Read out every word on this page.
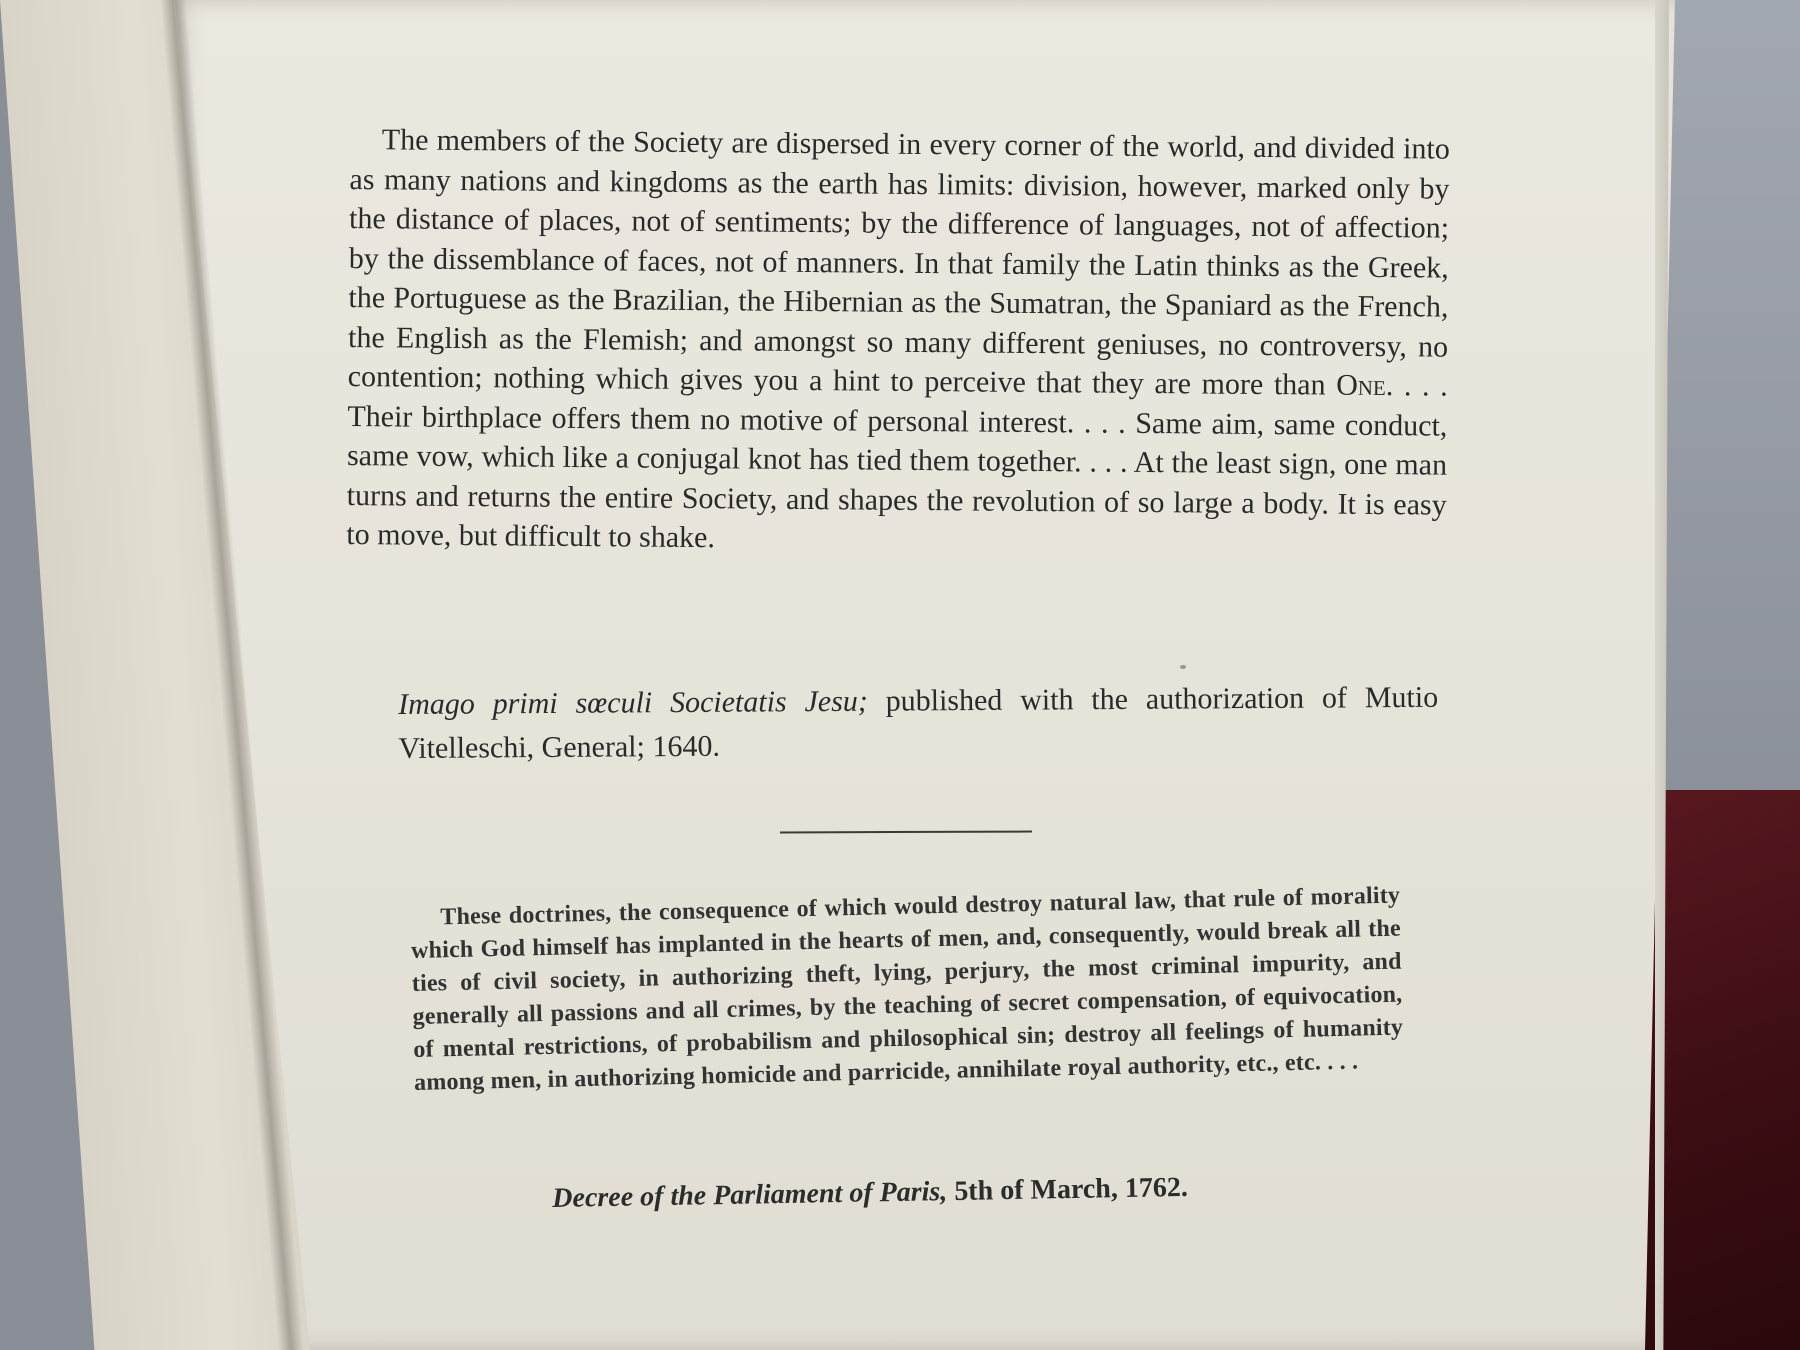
The members of the Society are dispersed in every corner of the world, and divided into as many nations and kingdoms as the earth has limits: division, however, marked only by the distance of places, not of sentiments; by the difference of languages, not of affection; by the dissemblance of faces, not of manners. In that family the Latin thinks as the Greek, the Portuguese as the Brazilian, the Hibernian as the Sumatran, the Spaniard as the French, the English as the Flemish; and amongst so many different geniuses, no controversy, no contention; nothing which gives you a hint to perceive that they are more than One. . . . Their birthplace offers them no motive of personal interest. . . . Same aim, same conduct, same vow, which like a conjugal knot has tied them together. . . . At the least sign, one man turns and returns the entire Society, and shapes the revolution of so large a body. It is easy to move, but difficult to shake.
Imago primi sœculi Societatis Jesu; published with the authorization of Mutio Vitelleschi, General; 1640.
These doctrines, the consequence of which would destroy natural law, that rule of morality which God himself has implanted in the hearts of men, and, consequently, would break all the ties of civil society, in authorizing theft, lying, perjury, the most criminal impurity, and generally all passions and all crimes, by the teaching of secret compensation, of equivocation, of mental restrictions, of probabilism and philosophical sin; destroy all feelings of humanity among men, in authorizing homicide and parricide, annihilate royal authority, etc., etc. . . .
Decree of the Parliament of Paris, 5th of March, 1762.
